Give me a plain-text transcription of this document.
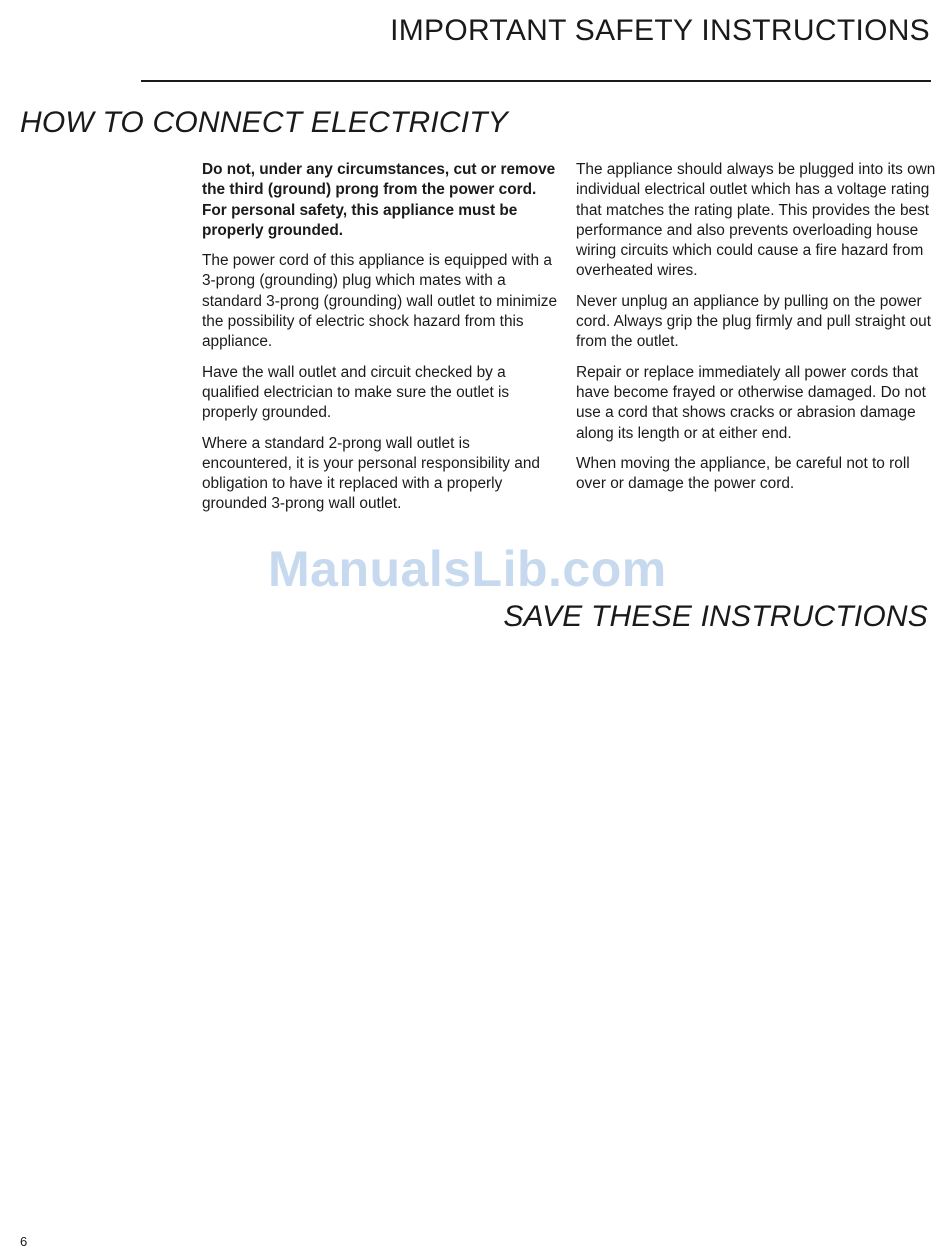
IMPORTANT SAFETY INSTRUCTIONS
HOW TO CONNECT ELECTRICITY

Do not, under any circumstances, cut or remove the third (ground) prong from the power cord. For personal safety, this appliance must be properly grounded.

The power cord of this appliance is equipped with a 3-prong (grounding) plug which mates with a standard 3-prong (grounding) wall outlet to minimize the possibility of electric shock hazard from this appliance.

Have the wall outlet and circuit checked by a qualified electrician to make sure the outlet is properly grounded.

Where a standard 2-prong wall outlet is encountered, it is your personal responsibility and obligation to have it replaced with a properly grounded 3-prong wall outlet.

The appliance should always be plugged into its own individual electrical outlet which has a voltage rating that matches the rating plate. This provides the best performance and also prevents overloading house wiring circuits which could cause a fire hazard from overheated wires.

Never unplug an appliance by pulling on the power cord. Always grip the plug firmly and pull straight out from the outlet.

Repair or replace immediately all power cords that have become frayed or otherwise damaged. Do not use a cord that shows cracks or abrasion damage along its length or at either end.

When moving the appliance, be careful not to roll over or damage the power cord.

ManualsLib.com
SAVE THESE INSTRUCTIONS
6
